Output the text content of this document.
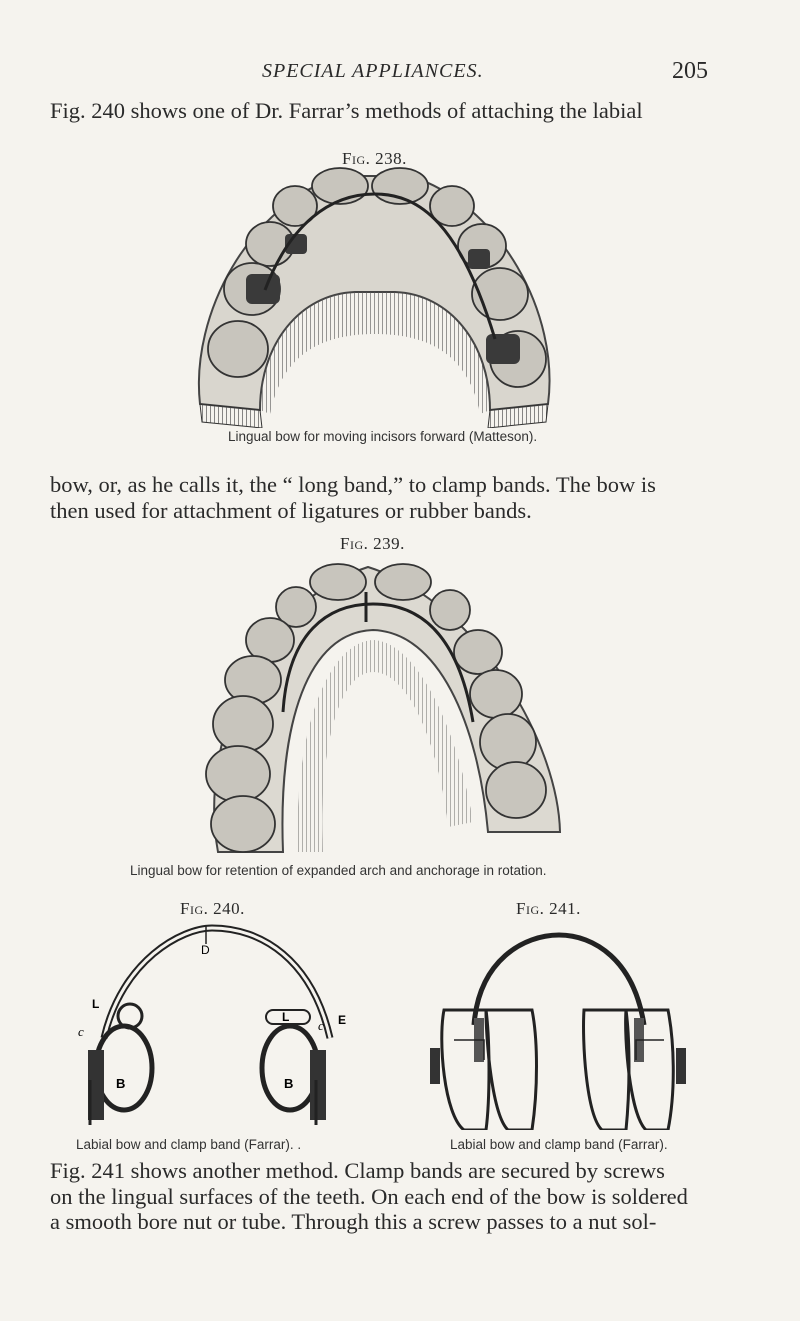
SPECIAL APPLIANCES.	205
Fig. 240 shows one of Dr. Farrar’s methods of attaching the labial
Fig. 238.
Lingual bow for moving incisors forward (Matteson).
bow, or, as he calls it, the “ long band,” to clamp bands. The bow is
then used for attachment of ligatures or rubber bands.
Fig. 239.
Lingual bow for retention of expanded arch and anchorage in rotation.
Fig. 240.	Fig. 241.
D
B	B
L
L
c	c E
Labial bow and clamp band (Farrar). .	Labial bow and clamp band (Farrar).
Fig. 241 shows another method. Clamp bands are secured by screws
on the lingual surfaces of the teeth. On each end of the bow is soldered
a smooth bore nut or tube. Through this a screw passes to a nut sol-
